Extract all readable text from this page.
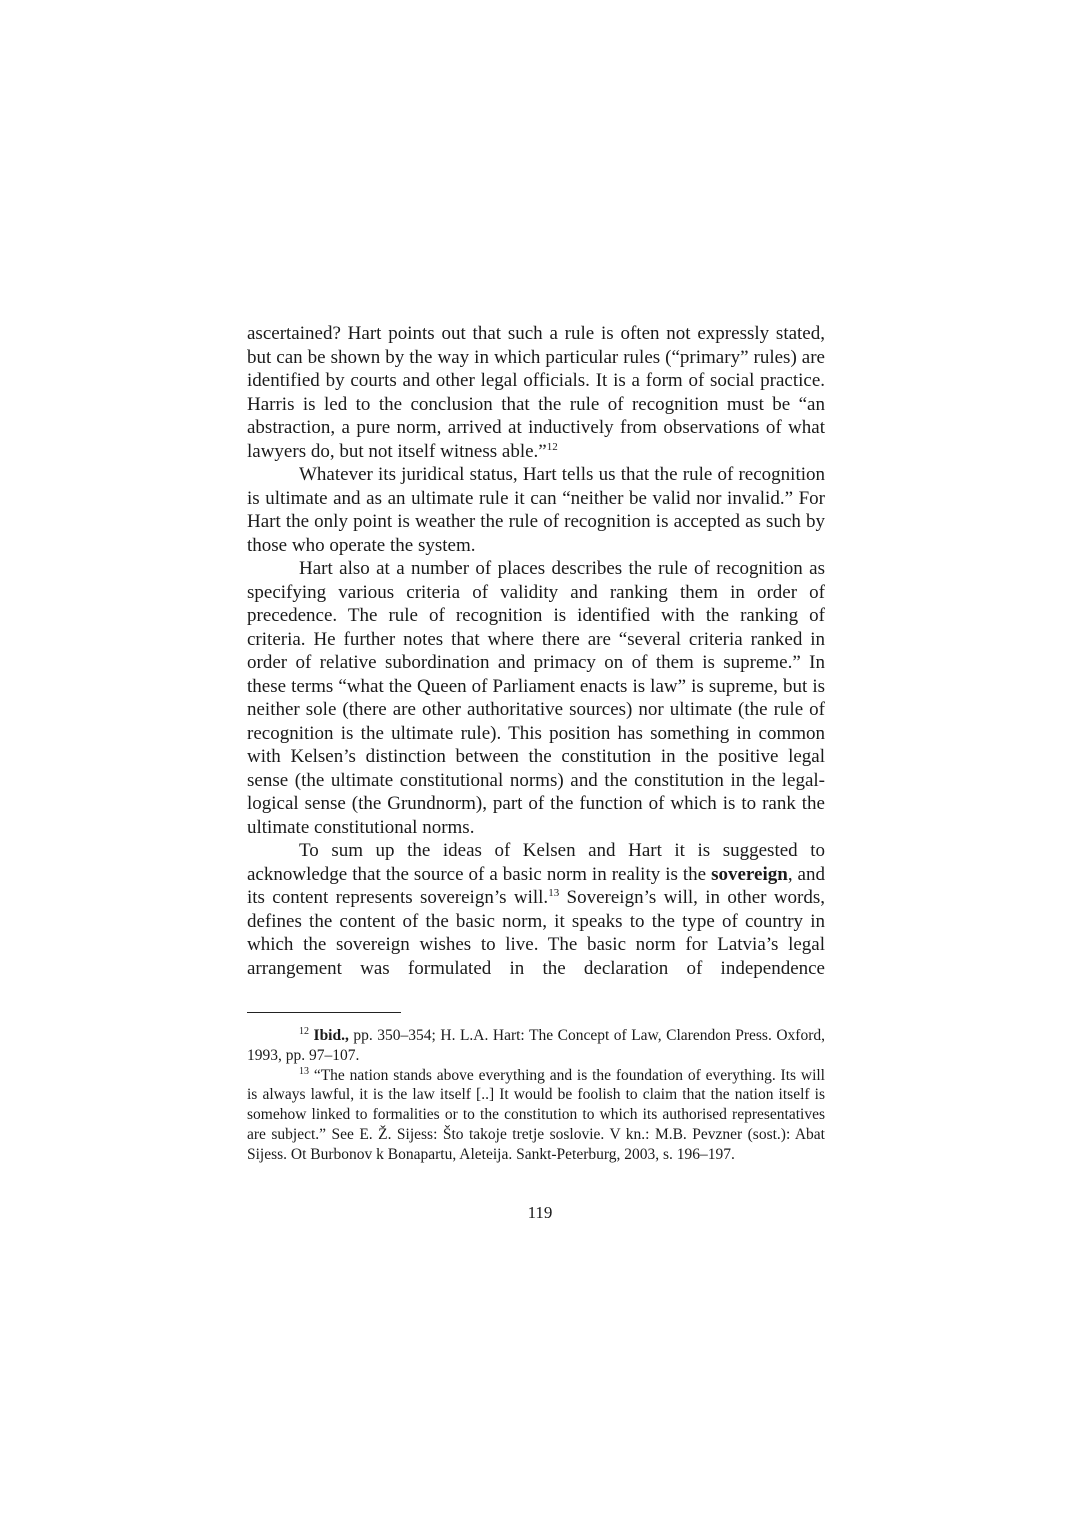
ascertained? Hart points out that such a rule is often not expressly stated, but can be shown by the way in which particular rules (“primary” rules) are identified by courts and other legal officials. It is a form of social practice. Harris is led to the conclusion that the rule of recognition must be “an abstraction, a pure norm, arrived at inductively from observations of what lawyers do, but not itself witness able.”$^{12}$

Whatever its juridical status, Hart tells us that the rule of recognition is ultimate and as an ultimate rule it can “neither be valid nor invalid.” For Hart the only point is weather the rule of recognition is accepted as such by those who operate the system.

Hart also at a number of places describes the rule of recognition as specifying various criteria of validity and ranking them in order of precedence. The rule of recognition is identified with the ranking of criteria. He further notes that where there are “several criteria ranked in order of relative subordination and primacy on of them is supreme.” In these terms “what the Queen of Parliament enacts is law” is supreme, but is neither sole (there are other authoritative sources) nor ultimate (the rule of recognition is the ultimate rule). This position has something in common with Kelsen’s distinction between the constitution in the positive legal sense (the ultimate constitutional norms) and the constitution in the legal-logical sense (the Grundnorm), part of the function of which is to rank the ultimate constitutional norms.

To sum up the ideas of Kelsen and Hart it is suggested to acknowledge that the source of a basic norm in reality is the sovereign, and its content represents sovereign’s will.$^{13}$ Sovereign’s will, in other words, defines the content of the basic norm, it speaks to the type of country in which the sovereign wishes to live. The basic norm for Latvia’s legal arrangement was formulated in the declaration of independence

$^{12}$ Ibid., pp. 350–354; H. L.A. Hart: The Concept of Law, Clarendon Press. Oxford, 1993, pp. 97–107.

$^{13}$ “The nation stands above everything and is the foundation of everything. Its will is always lawful, it is the law itself [..] It would be foolish to claim that the nation itself is somehow linked to formalities or to the constitution to which its authorised representatives are subject.” See E. Ž. Sijess: Što takoje tretje soslovie. V kn.: M.B. Pevzner (sost.): Abat Sijess. Ot Burbonov k Bonapartu, Aleteija. Sankt-Peterburg, 2003, s. 196–197.

119
